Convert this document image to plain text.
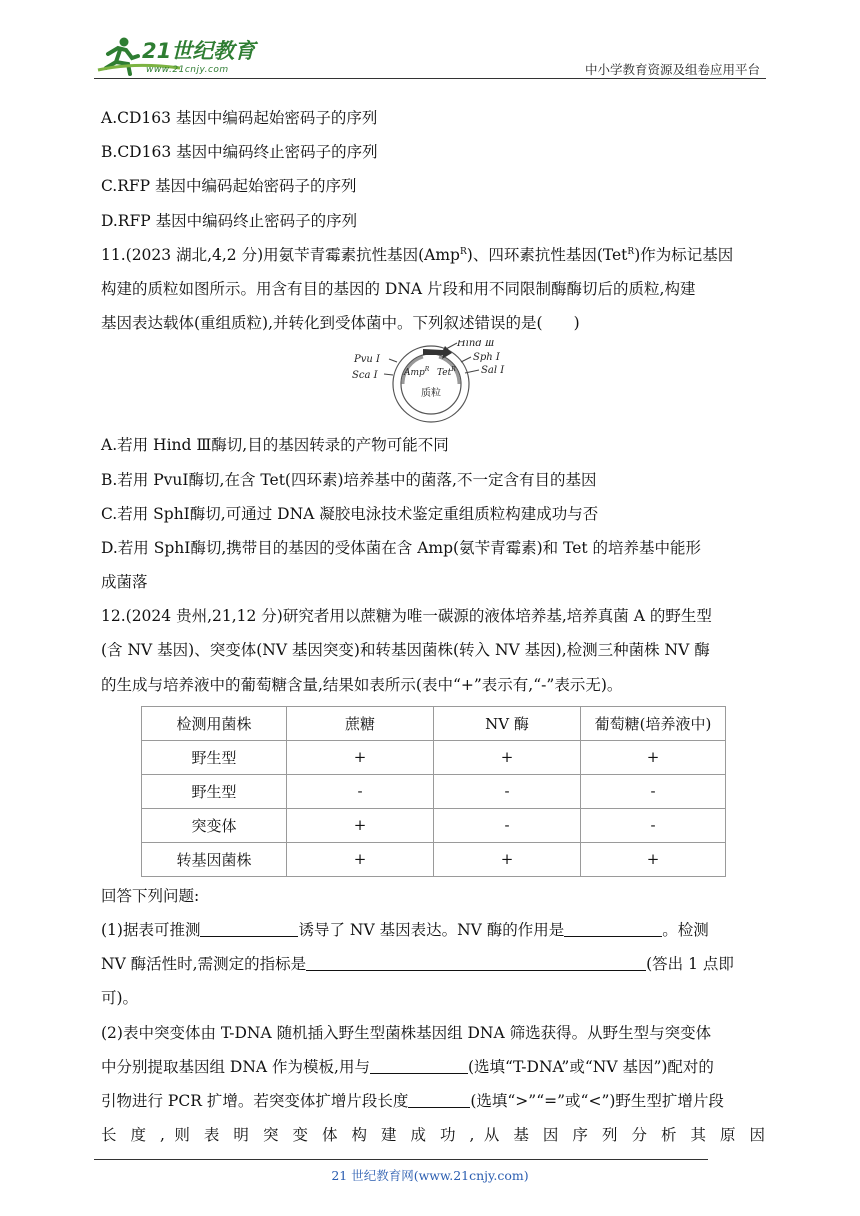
21世纪教育
www.21cnjy.com	中小学教育资源及组卷应用平台
A.CD163 基因中编码起始密码子的序列
B.CD163 基因中编码终止密码子的序列
C.RFP 基因中编码起始密码子的序列
D.RFP 基因中编码终止密码子的序列
11.(2023 湖北,4,2 分)用氨苄青霉素抗性基因(Amp$^R$)、四环素抗性基因(Tet$^R$)作为标记基因
构建的质粒如图所示。用含有目的基因的 DNA 片段和用不同限制酶酶切后的质粒,构建
基因表达载体(重组质粒),并转化到受体菌中。下列叙述错误的是(　　)
Hind Ⅲ
Sph Ⅰ
Sal Ⅰ
Pvu Ⅰ
Sca Ⅰ	Amp$^R$ Tet$^R$
质粒
A.若用 Hind Ⅲ酶切,目的基因转录的产物可能不同
B.若用 PvuⅠ酶切,在含 Tet(四环素)培养基中的菌落,不一定含有目的基因
C.若用 SphⅠ酶切,可通过 DNA 凝胶电泳技术鉴定重组质粒构建成功与否
D.若用 SphⅠ酶切,携带目的基因的受体菌在含 Amp(氨苄青霉素)和 Tet 的培养基中能形
成菌落
12.(2024 贵州,21,12 分)研究者用以蔗糖为唯一碳源的液体培养基,培养真菌 A 的野生型
(含 NV 基因)、突变体(NV 基因突变)和转基因菌株(转入 NV 基因),检测三种菌株 NV 酶
的生成与培养液中的葡萄糖含量,结果如表所示(表中“+”表示有,“-”表示无)。
检测用菌株	蔗糖	NV 酶	葡萄糖(培养液中)
野生型	+	+	+
野生型	-	-	-
突变体	+	-	-
转基因菌株	+	+	+
回答下列问题:
(1)据表可推测	诱导了 NV 基因表达。NV 酶的作用是	。检测
NV 酶活性时,需测定的指标是	(答出 1 点即
可)。
(2)表中突变体由 T-DNA 随机插入野生型菌株基因组 DNA 筛选获得。从野生型与突变体
中分别提取基因组 DNA 作为模板,用与	(选填“T-DNA”或“NV 基因”)配对的
引物进行 PCR 扩增。若突变体扩增片段长度	(选填“>”“=”或“<”)野生型扩增片段
长 度 , 则 表 明 突 变 体 构 建 成 功 , 从 基 因 序 列 分 析 其 原 因
21 世纪教育网(www.21cnjy.com)
